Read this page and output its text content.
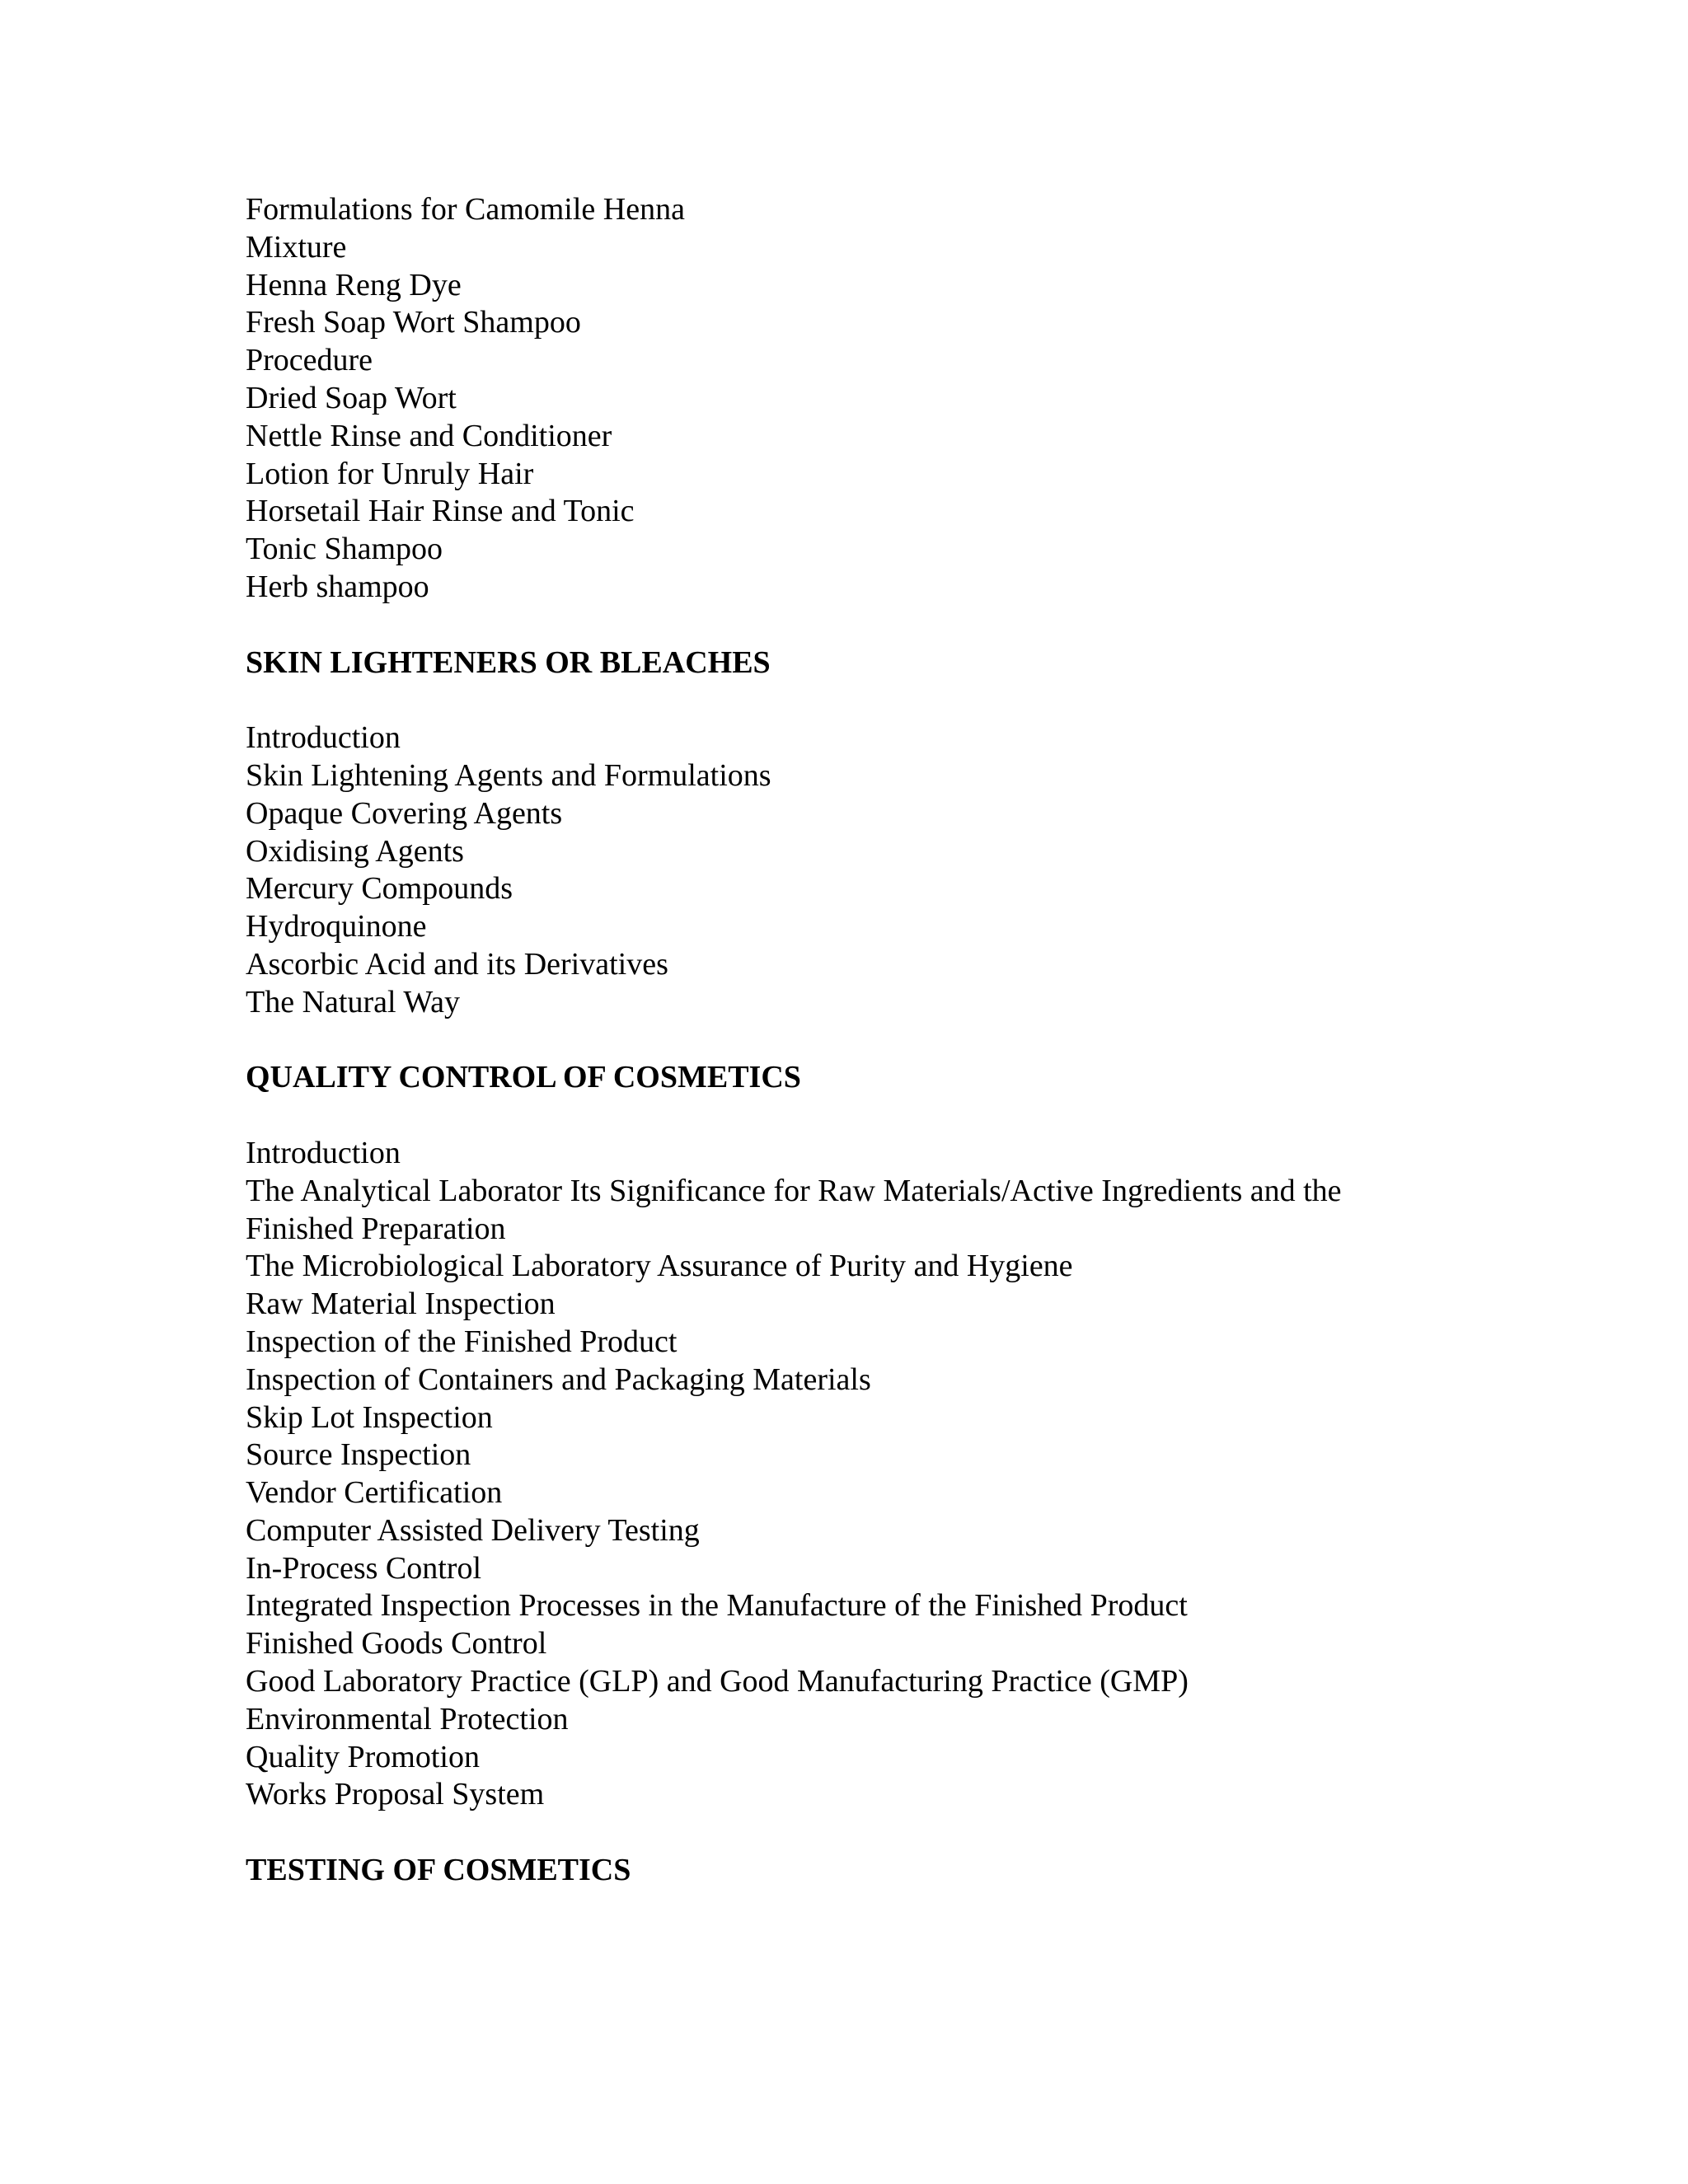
Formulations for Camomile Henna
Mixture
Henna Reng Dye
Fresh Soap Wort Shampoo
Procedure
Dried Soap Wort
Nettle Rinse and Conditioner
Lotion for Unruly Hair
Horsetail Hair Rinse and Tonic
Tonic Shampoo
Herb shampoo
SKIN LIGHTENERS OR BLEACHES
Introduction
Skin Lightening Agents and Formulations
Opaque Covering Agents
Oxidising Agents
Mercury Compounds
Hydroquinone
Ascorbic Acid and its Derivatives
The Natural Way
QUALITY CONTROL OF COSMETICS
Introduction
The Analytical Laborator Its Significance for Raw Materials/Active Ingredients and the
Finished Preparation
The Microbiological Laboratory Assurance of Purity and Hygiene
Raw Material Inspection
Inspection of the Finished Product
Inspection of Containers and Packaging Materials
Skip Lot Inspection
Source Inspection
Vendor Certification
Computer Assisted Delivery Testing
In-Process Control
Integrated Inspection Processes in the Manufacture of the Finished Product
Finished Goods Control
Good Laboratory Practice (GLP) and Good Manufacturing Practice (GMP)
Environmental Protection
Quality Promotion
Works Proposal System
TESTING OF COSMETICS
